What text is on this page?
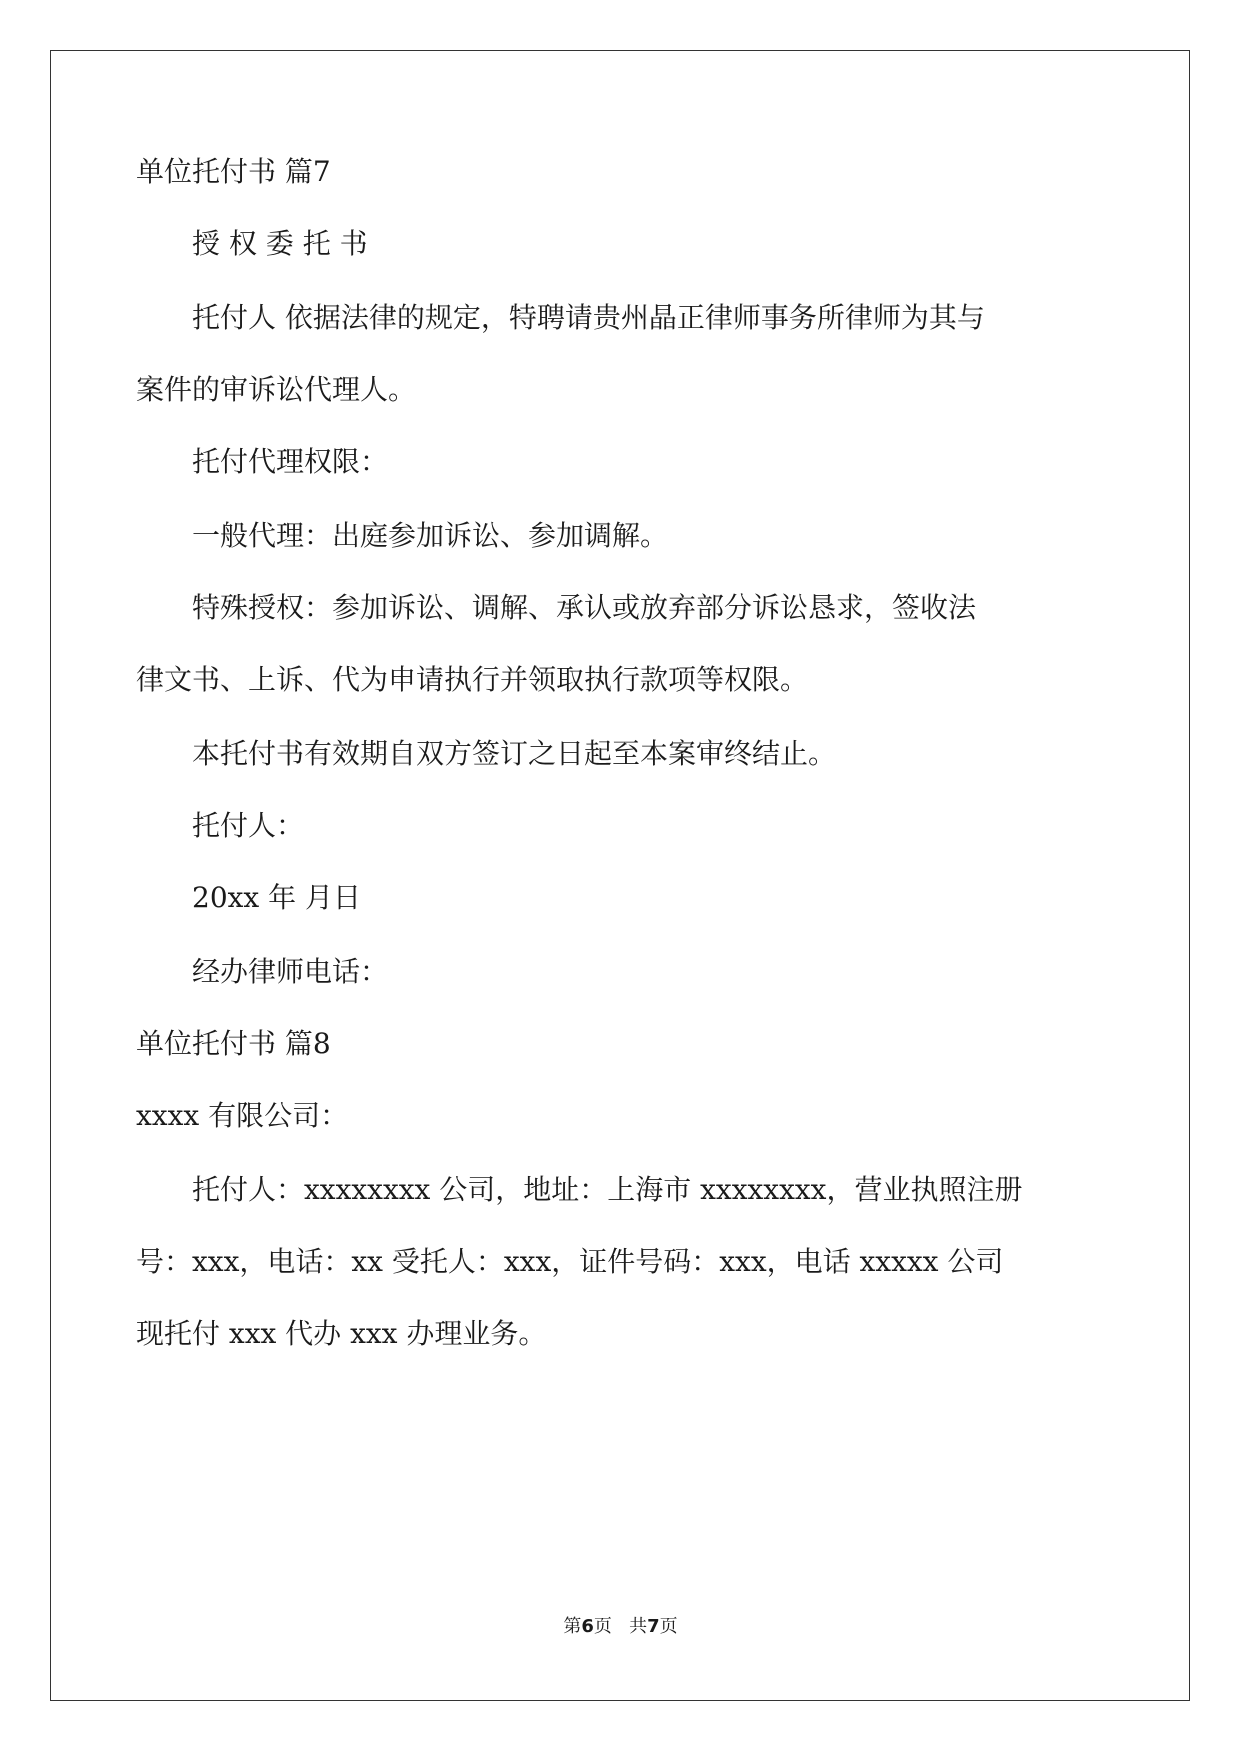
单位托付书 篇7
授 权 委 托 书
托付人 依据法律的规定，特聘请贵州晶正律师事务所律师为其与
案件的审诉讼代理人。
托付代理权限：
一般代理：出庭参加诉讼、参加调解。
特殊授权：参加诉讼、调解、承认或放弃部分诉讼恳求，签收法
律文书、上诉、代为申请执行并领取执行款项等权限。
本托付书有效期自双方签订之日起至本案审终结止。
托付人：
20xx 年 月日
经办律师电话：
单位托付书 篇8
xxxx 有限公司：
托付人：xxxxxxxx 公司，地址：上海市 xxxxxxxx，营业执照注册
号：xxx，电话：xx 受托人：xxx，证件号码：xxx，电话 xxxxx 公司
现托付 xxx 代办 xxx 办理业务。
第6页   共7页
